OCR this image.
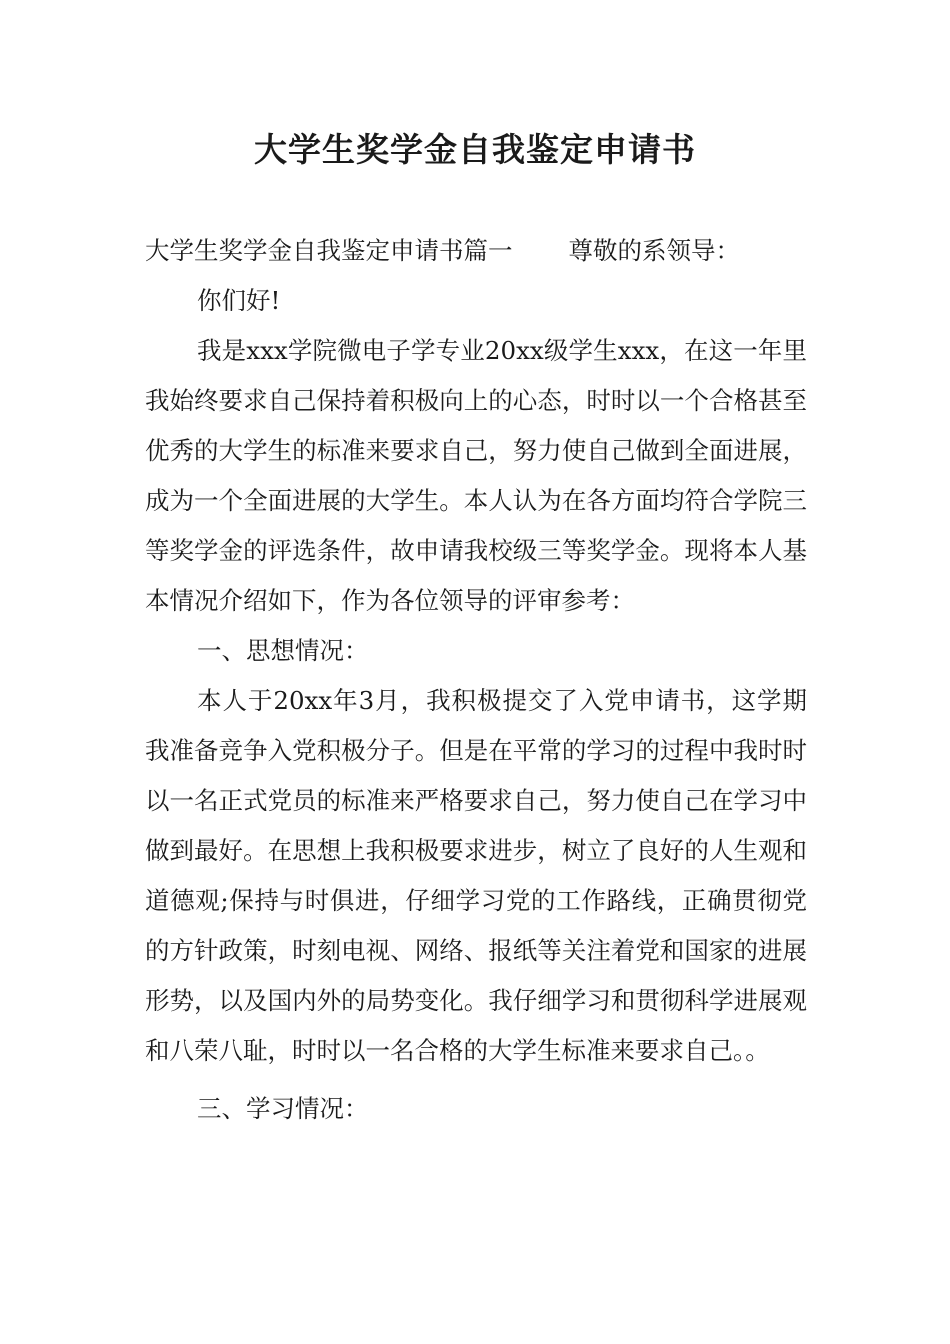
大学生奖学金自我鉴定申请书

大学生奖学金自我鉴定申请书篇一 尊敬的系领导：

你们好!

我是xxx学院微电子学专业20xx级学生xxx，在这一年里我始终要求自己保持着积极向上的心态，时时以一个合格甚至优秀的大学生的标准来要求自己，努力使自己做到全面进展，成为一个全面进展的大学生。本人认为在各方面均符合学院三等奖学金的评选条件，故申请我校级三等奖学金。现将本人基本情况介绍如下，作为各位领导的评审参考：

一、思想情况：

本人于20xx年3月，我积极提交了入党申请书，这学期我准备竞争入党积极分子。但是在平常的学习的过程中我时时以一名正式党员的标准来严格要求自己，努力使自己在学习中做到最好。在思想上我积极要求进步，树立了良好的人生观和道德观;保持与时俱进，仔细学习党的工作路线，正确贯彻党的方针政策，时刻电视、网络、报纸等关注着党和国家的进展形势，以及国内外的局势变化。我仔细学习和贯彻科学进展观和八荣八耻，时时以一名合格的大学生标准来要求自己。。

三、学习情况：
